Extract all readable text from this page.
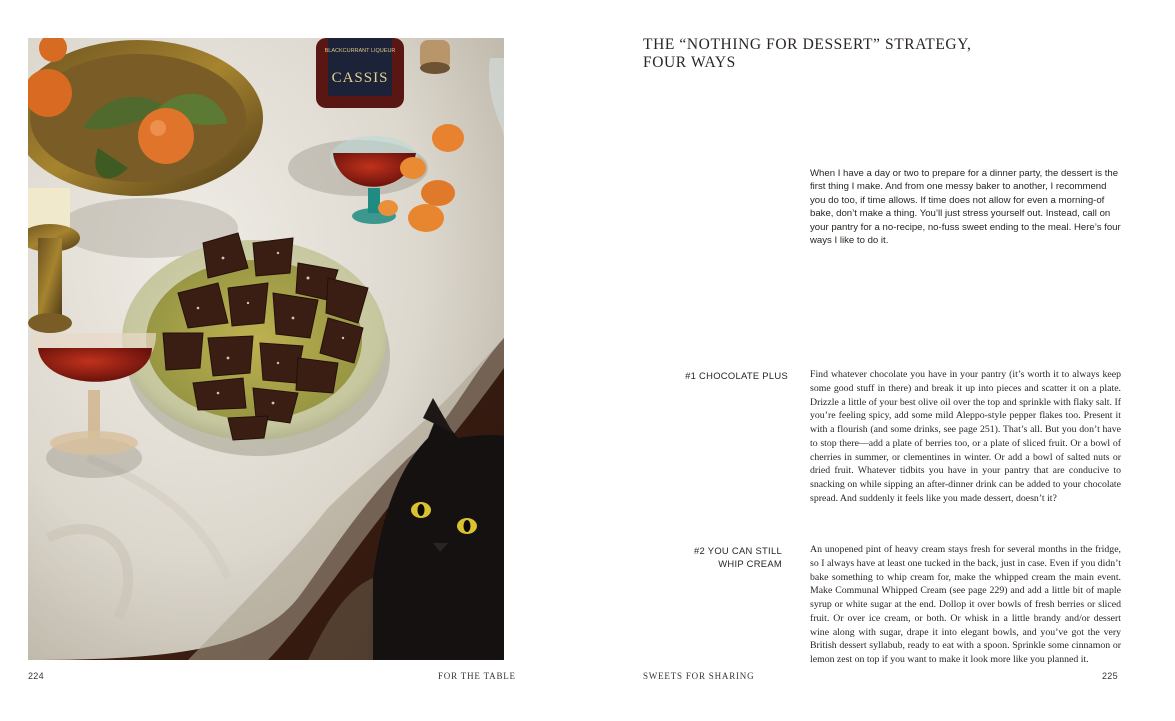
BLACKCURRANT LIQUEUR
CASSIS
224	FOR THE TABLE
THE “NOTHING FOR DESSERT” STRATEGY,
FOUR WAYS

When I have a day or two to prepare for a dinner party, the dessert is the first thing I make. And from one messy baker to another, I recommend you do too, if time allows. If time does not allow for even a morning-of bake, don’t make a thing. You’ll just stress yourself out. Instead, call on your pantry for a no-recipe, no-fuss sweet ending to the meal. Here’s four ways I like to do it.

#1 CHOCOLATE PLUS Find whatever chocolate you have in your pantry (it’s worth it to always keep some good stuff in there) and break it up into pieces and scatter it on a plate. Drizzle a little of your best olive oil over the top and sprinkle with flaky salt. If you’re feeling spicy, add some mild Aleppo-style pepper flakes too. Present it with a flourish (and some drinks, see page 251). That’s all. But you don’t have to stop there—add a plate of berries too, or a plate of sliced fruit. Or a bowl of cherries in summer, or clementines in winter. Or add a bowl of salted nuts or dried fruit. Whatever tidbits you have in your pantry that are conducive to snacking on while sipping an after-dinner drink can be added to your chocolate spread. And suddenly it feels like you made dessert, doesn’t it?

#2 YOU CAN STILL
WHIP CREAM

An unopened pint of heavy cream stays fresh for several months in the fridge, so I always have at least one tucked in the back, just in case. Even if you didn’t bake something to whip cream for, make the whipped cream the main event. Make Communal Whipped Cream (see page 229) and add a little bit of maple syrup or white sugar at the end. Dollop it over bowls of fresh berries or sliced fruit. Or over ice cream, or both. Or whisk in a little brandy and/or dessert wine along with sugar, drape it into elegant bowls, and you’ve got the very British dessert syllabub, ready to eat with a spoon. Sprinkle some cinnamon or lemon zest on top if you want to make it look more like you planned it.

SWEETS FOR SHARING	225
